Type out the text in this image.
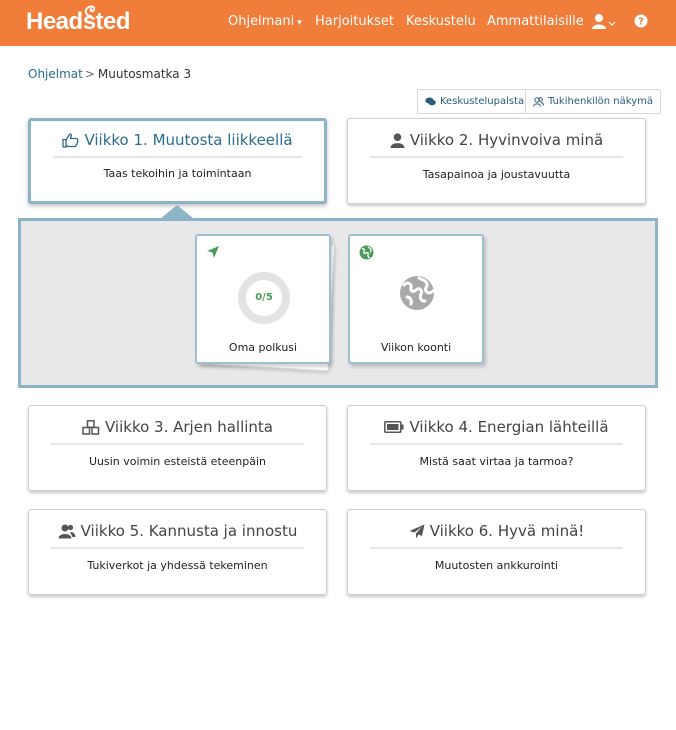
Headsted	Ohjelmani ▾ Harjoitukset Keskustelu Ammattilaisille	?
Ohjelmat > Muutosmatka 3
Keskustelupalsta Tukihenkilön näkymä
Viikko 1. Muutosta liikkeellä
Taas tekoihin ja toimintaan
Viikko 2. Hyvinvoiva minä
Tasapainoa ja joustavuutta
0/5
Oma polkusi	Viikon koonti
Viikko 3. Arjen hallinta
Uusin voimin esteistä eteenpäin
Viikko 4. Energian lähteillä
Mistä saat virtaa ja tarmoa?
Viikko 5. Kannusta ja innostu
Tukiverkot ja yhdessä tekeminen
Viikko 6. Hyvä minä!
Muutosten ankkurointi
